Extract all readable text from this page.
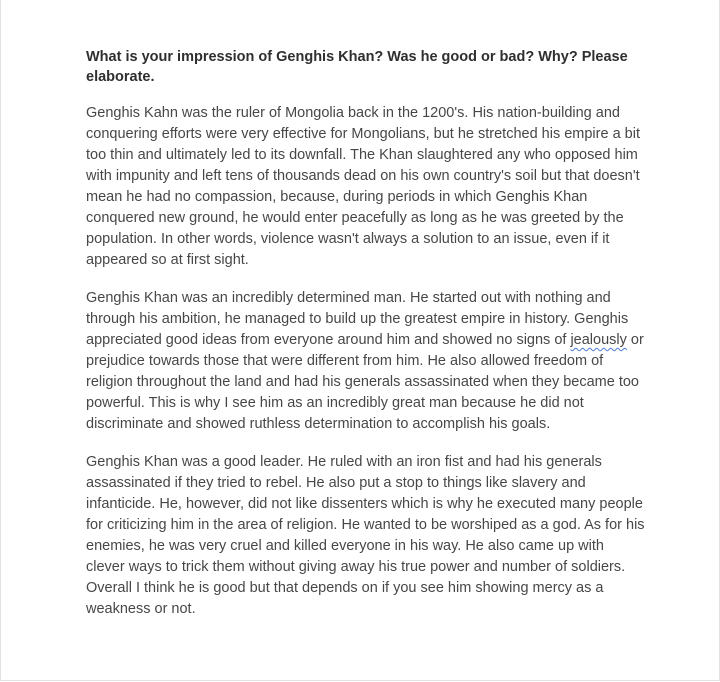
What is your impression of Genghis Khan? Was he good or bad? Why? Please elaborate.

Genghis Kahn was the ruler of Mongolia back in the 1200's. His nation-building and conquering efforts were very effective for Mongolians, but he stretched his empire a bit too thin and ultimately led to its downfall. The Khan slaughtered any who opposed him with impunity and left tens of thousands dead on his own country's soil but that doesn't mean he had no compassion, because, during periods in which Genghis Khan conquered new ground, he would enter peacefully as long as he was greeted by the population. In other words, violence wasn't always a solution to an issue, even if it appeared so at first sight.

Genghis Khan was an incredibly determined man. He started out with nothing and through his ambition, he managed to build up the greatest empire in history. Genghis appreciated good ideas from everyone around him and showed no signs of jealously or prejudice towards those that were different from him. He also allowed freedom of religion throughout the land and had his generals assassinated when they became too powerful. This is why I see him as an incredibly great man because he did not discriminate and showed ruthless determination to accomplish his goals.

Genghis Khan was a good leader. He ruled with an iron fist and had his generals assassinated if they tried to rebel. He also put a stop to things like slavery and infanticide. He, however, did not like dissenters which is why he executed many people for criticizing him in the area of religion. He wanted to be worshiped as a god. As for his enemies, he was very cruel and killed everyone in his way. He also came up with clever ways to trick them without giving away his true power and number of soldiers. Overall I think he is good but that depends on if you see him showing mercy as a weakness or not.
